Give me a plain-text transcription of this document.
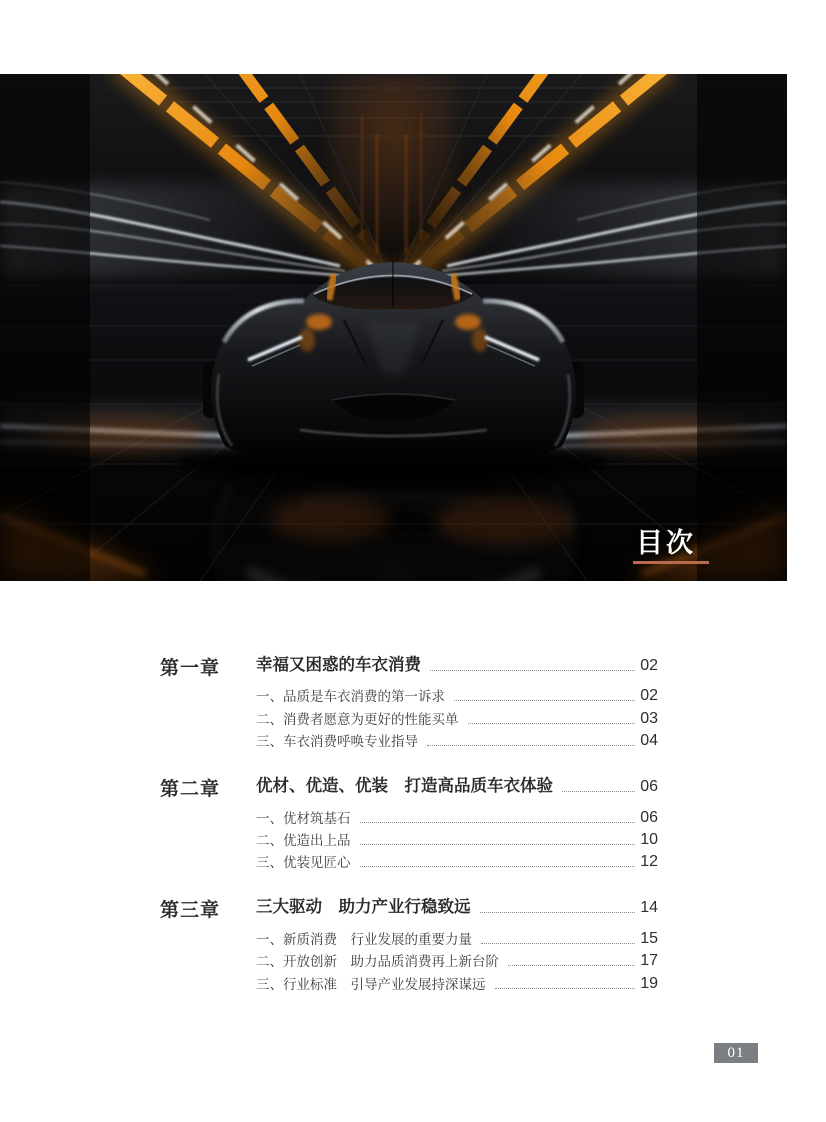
目次
第一章	幸福又困惑的车衣消费	02
一、品质是车衣消费的第一诉求	02
二、消费者愿意为更好的性能买单	03
三、车衣消费呼唤专业指导	04
第二章	优材、优造、优装　打造高品质车衣体验	06
一、优材筑基石	06
二、优造出上品	10
三、优装见匠心	12
第三章	三大驱动　助力产业行稳致远	14
一、新质消费　行业发展的重要力量	15
二、开放创新　助力品质消费再上新台阶	17
三、行业标准　引导产业发展持深谋远	19
01
